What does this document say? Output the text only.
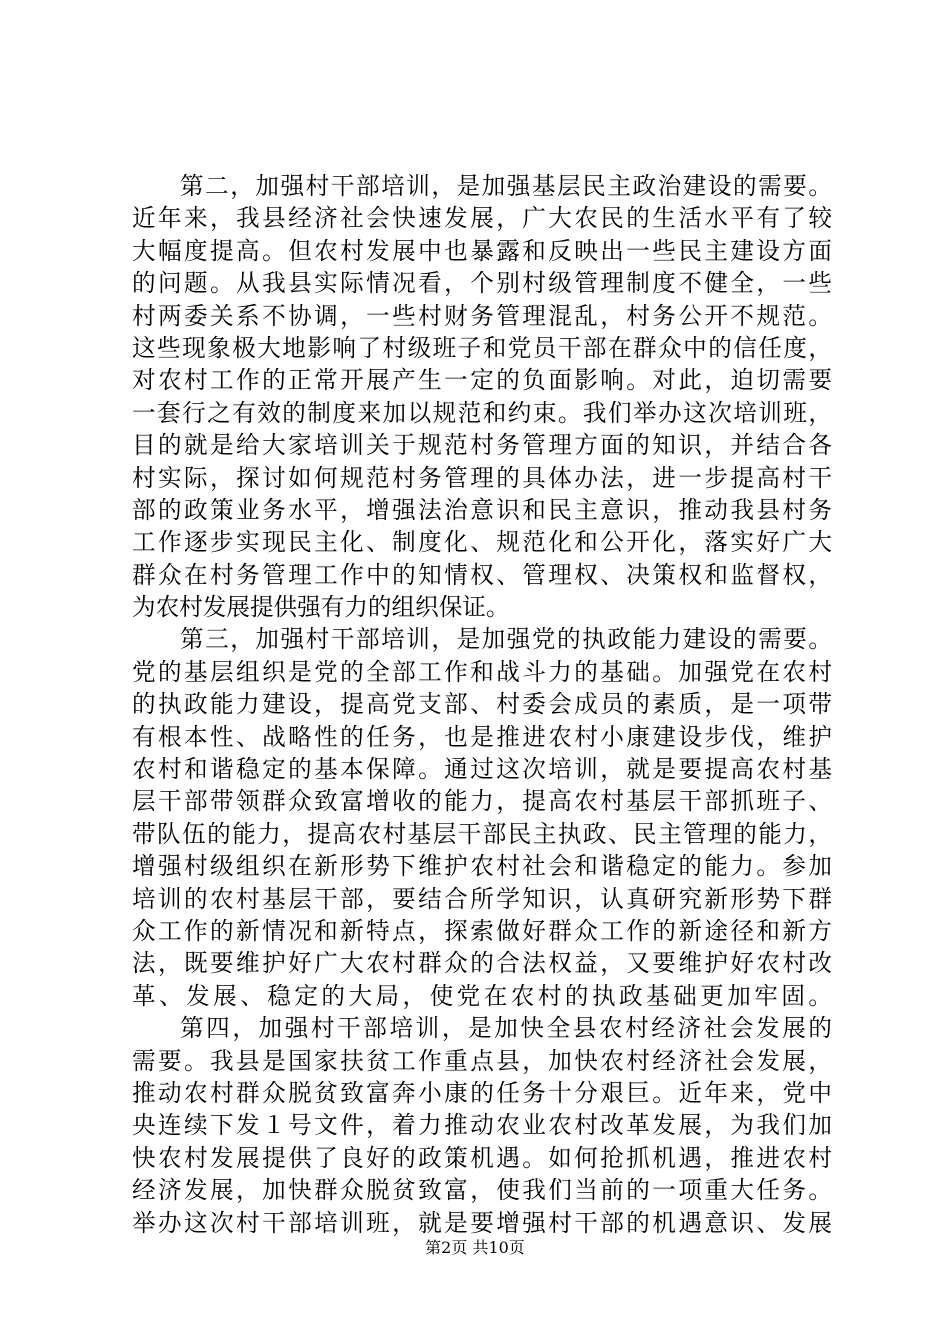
第二，加强村干部培训，是加强基层民主政治建设的需要。
近年来，我县经济社会快速发展，广大农民的生活水平有了较
大幅度提高。但农村发展中也暴露和反映出一些民主建设方面
的问题。从我县实际情况看，个别村级管理制度不健全，一些
村两委关系不协调，一些村财务管理混乱，村务公开不规范。
这些现象极大地影响了村级班子和党员干部在群众中的信任度，
对农村工作的正常开展产生一定的负面影响。对此，迫切需要
一套行之有效的制度来加以规范和约束。我们举办这次培训班，
目的就是给大家培训关于规范村务管理方面的知识，并结合各
村实际，探讨如何规范村务管理的具体办法，进一步提高村干
部的政策业务水平，增强法治意识和民主意识，推动我县村务
工作逐步实现民主化、制度化、规范化和公开化，落实好广大
群众在村务管理工作中的知情权、管理权、决策权和监督权，
为农村发展提供强有力的组织保证。
第三，加强村干部培训，是加强党的执政能力建设的需要。
党的基层组织是党的全部工作和战斗力的基础。加强党在农村
的执政能力建设，提高党支部、村委会成员的素质，是一项带
有根本性、战略性的任务，也是推进农村小康建设步伐，维护
农村和谐稳定的基本保障。通过这次培训，就是要提高农村基
层干部带领群众致富增收的能力，提高农村基层干部抓班子、
带队伍的能力，提高农村基层干部民主执政、民主管理的能力，
增强村级组织在新形势下维护农村社会和谐稳定的能力。参加
培训的农村基层干部，要结合所学知识，认真研究新形势下群
众工作的新情况和新特点，探索做好群众工作的新途径和新方
法，既要维护好广大农村群众的合法权益，又要维护好农村改
革、发展、稳定的大局，使党在农村的执政基础更加牢固。
第四，加强村干部培训，是加快全县农村经济社会发展的
需要。我县是国家扶贫工作重点县，加快农村经济社会发展，
推动农村群众脱贫致富奔小康的任务十分艰巨。近年来，党中
央连续下发１号文件，着力推动农业农村改革发展，为我们加
快农村发展提供了良好的政策机遇。如何抢抓机遇，推进农村
经济发展，加快群众脱贫致富，使我们当前的一项重大任务。
举办这次村干部培训班，就是要增强村干部的机遇意识、发展
第2页 共10页
